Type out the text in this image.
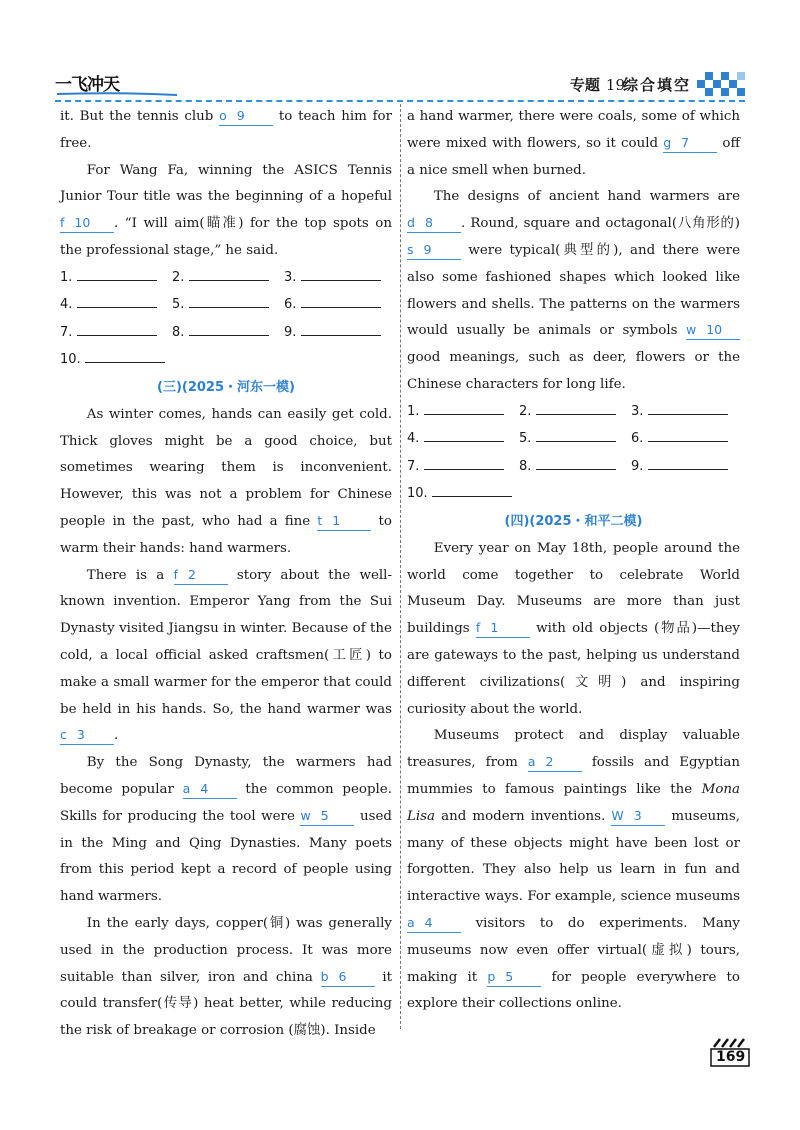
一飞冲天	专题 19
综合填空

it. But the tennis club o 9 to teach him for free.

For Wang Fa, winning the ASICS Tennis Junior Tour title was the beginning of a hopeful f 10 . “I will aim(瞄准) for the top spots on the professional stage,” he said.

1.	2.	3.
4.	5.	6.
7.	8.	9.
10.
(三)(2025・河东一模)

As winter comes, hands can easily get cold. Thick gloves might be a good choice, but sometimes wearing them is inconvenient. However, this was not a problem for Chinese people in the past, who had a fine t 1 to warm their hands: hand warmers.

There is a f 2 story about the well-known invention. Emperor Yang from the Sui Dynasty visited Jiangsu in winter. Because of the cold, a local official asked craftsmen(工匠) to make a small warmer for the emperor that could be held in his hands. So, the hand warmer was c 3 .

By the Song Dynasty, the warmers had become popular a 4 the common people. Skills for producing the tool were w 5 used in the Ming and Qing Dynasties. Many poets from this period kept a record of people using hand warmers.

In the early days, copper(铜) was generally used in the production process. It was more suitable than silver, iron and china b 6 it could transfer(传导) heat better, while reducing the risk of breakage or corrosion (腐蚀). Inside

a hand warmer, there were coals, some of which were mixed with flowers, so it could g 7 off a nice smell when burned.

The designs of ancient hand warmers are d 8 . Round, square and octagonal(八角形的) s 9 were typical(典型的), and there were also some fashioned shapes which looked like flowers and shells. The patterns on the warmers would usually be animals or symbols w 10 good meanings, such as deer, flowers or the Chinese characters for long life.

1.	2.	3.
4.	5.	6.
7.	8.	9.
10.
(四)(2025・和平二模)

Every year on May 18th, people around the world come together to celebrate World Museum Day. Museums are more than just buildings f 1 with old objects (物品)—they are gateways to the past, helping us understand different civilizations(文明) and inspiring curiosity about the world.

Museums protect and display valuable treasures, from a 2 fossils and Egyptian mummies to famous paintings like the Mona Lisa and modern inventions. W 3 museums, many of these objects might have been lost or forgotten. They also help us learn in fun and interactive ways. For example, science museums a 4 visitors to do experiments. Many museums now even offer virtual(虚拟) tours, making it p 5 for people everywhere to explore their collections online.

169
